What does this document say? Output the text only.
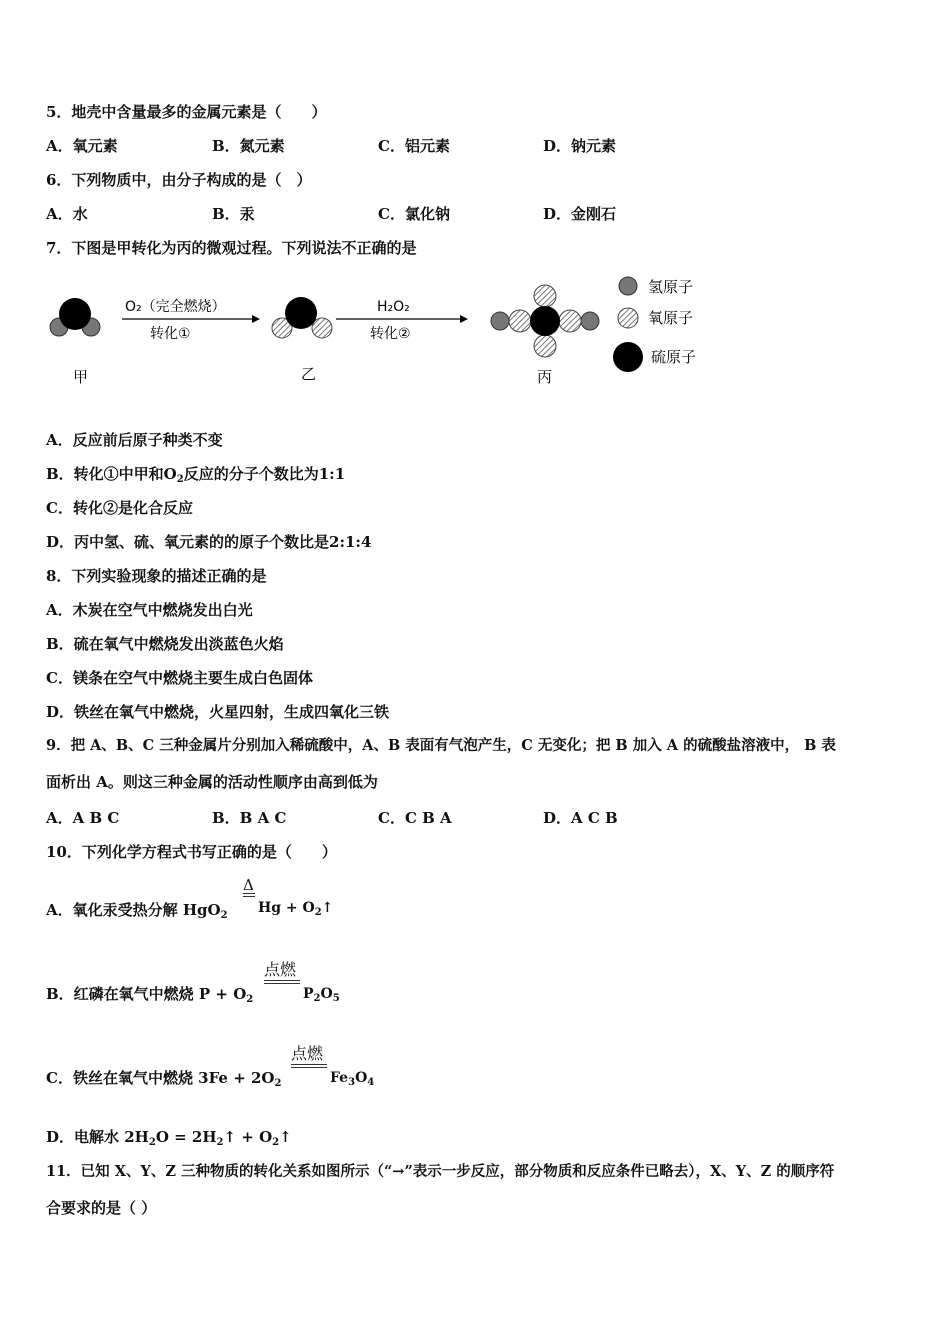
5．地壳中含量最多的金属元素是（　　）
A．氧元素	B．氮元素	C．铝元素	D．钠元素
6．下列物质中，由分子构成的是（　）
A．水	B．汞	C．氯化钠	D．金刚石
7．下图是甲转化为丙的微观过程。下列说法不正确的是
甲
O₂（完全燃烧）
转化①
乙
H₂O₂
转化②
丙
氢原子
氧原子
硫原子
A．反应前后原子种类不变
B．转化①中甲和$O_2$反应的分子个数比为1:1
C．转化②是化合反应
D．丙中氢、硫、氧元素的的原子个数比是2:1:4
8．下列实验现象的描述正确的是
A．木炭在空气中燃烧发出白光
B．硫在氧气中燃烧发出淡蓝色火焰
C．镁条在空气中燃烧主要生成白色固体
D．铁丝在氧气中燃烧，火星四射，生成四氧化三铁
9．把 A、B、C 三种金属片分别加入稀硫酸中，A、B 表面有气泡产生，C 无变化；把 B 加入 A 的硫酸盐溶液中， B 表
面析出 A。则这三种金属的活动性顺序由高到低为
A．A B C	B．B A C	C．C B A	D．A C B
10．下列化学方程式书写正确的是（　　）
A．氧化汞受热分解 HgO$_2$
Δ
$Hg + O_2↑$
B．红磷在氧气中燃烧 $P + O_2$
点燃
$P_2O_5$
C．铁丝在氧气中燃烧 $3Fe + 2O_2$
点燃
$Fe_3O_4$
D．电解水 $2H_2O$ = $2H_2↑$ + $O_2↑$
11．已知 X、Y、Z 三种物质的转化关系如图所示（“→”表示一步反应，部分物质和反应条件已略去），X、Y、Z 的顺序符
合要求的是（ ）
